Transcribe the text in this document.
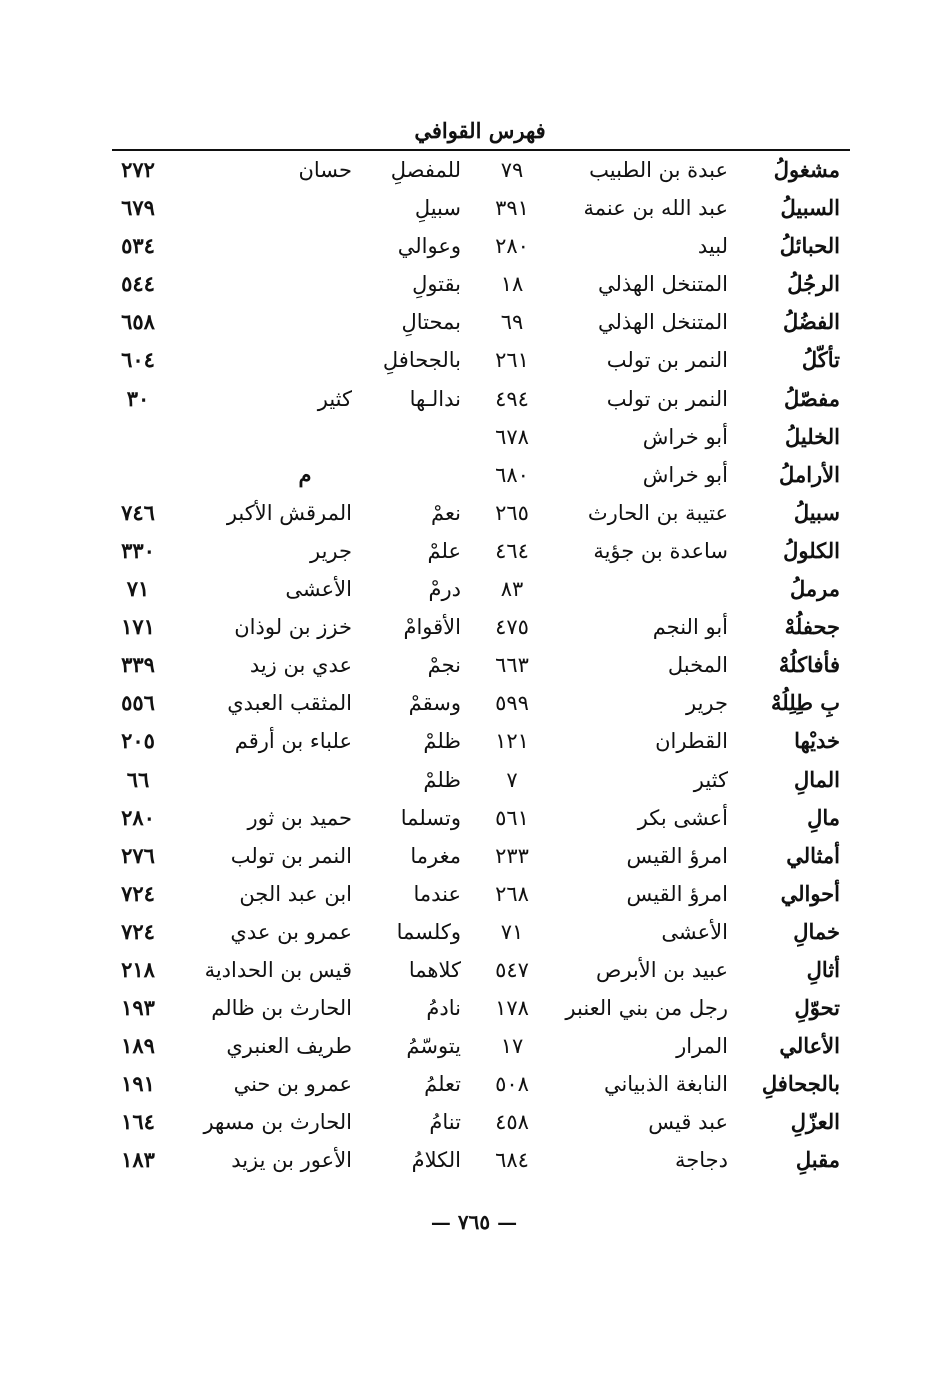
فهرس القوافي
مشغولُ
عبدة بن الطبيب
٧٩
للمفصلِ
حسان
٢٧٢
السبيلُ
عبد الله بن عنمة
٣٩١
سبيلِ
٦٧٩
الحبائلُ
لبيد
٢٨٠
وعوالي
٥٣٤
الرجُلُ
المتنخل الهذلي
١٨
بقتولِ
٥٤٤
الفضُلُ
المتنخل الهذلي
٦٩
بمحتالِ
٦٥٨
تأكّلُ
النمر بن تولب
٢٦١
بالجحافلِ
٦٠٤
مفصّلُ
النمر بن تولب
٤٩٤
ندالـها
كثير
٣٠
الخليلُ
أبو خراش
٦٧٨
الأراملُ
أبو خراش
٦٨٠
م
سبيلُ
عتيبة بن الحارث
٢٦٥
نعمْ
المرقش الأكبر
٧٤٦
الكلولُ
ساعدة بن جؤية
٤٦٤
علمْ
جرير
٣٣٠
مرملُ
٨٣
درمْ
الأعشى
٧١
جحفلُهْ
أبو النجم
٤٧٥
الأقوامْ
خزز بن لوذان
١٧١
فأفاكلُهْ
المخبل
٦٦٣
نجمْ
عدي بن زيد
٣٣٩
بِ طِلِلُهْ
جرير
٥٩٩
وسقمْ
المثقب العبدي
٥٥٦
خديْها
القطران
١٢١
ظلمْ
علباء بن أرقم
٢٠٥
المالِ
كثير
٧
ظلمْ
٦٦
مالِ
أعشى بكر
٥٦١
وتسلما
حميد بن ثور
٢٨٠
أمثالي
امرؤ القيس
٢٣٣
مغرما
النمر بن تولب
٢٧٦
أحوالي
امرؤ القيس
٢٦٨
عندما
ابن عبد الجن
٧٢٤
خمالِ
الأعشى
٧١
وكلسما
عمرو بن عدي
٧٢٤
أثالِ
عبيد بن الأبرص
٥٤٧
كلاهما
قيس بن الحدادية
٢١٨
تحوّلِ
رجل من بني العنبر
١٧٨
نادمُ
الحارث بن ظالم
١٩٣
الأعالي
المرار
١٧
يتوسّمُ
طريف العنبري
١٨٩
بالجحافلِ
النابغة الذبياني
٥٠٨
تعلمُ
عمرو بن حني
١٩١
العزّلِ
عبد قيس
٤٥٨
تنامُ
الحارث بن مسهر
١٦٤
مقبلِ
دجاجة
٦٨٤
الكلامُ
الأعور بن يزيد
١٨٣
— ٧٦٥ —
